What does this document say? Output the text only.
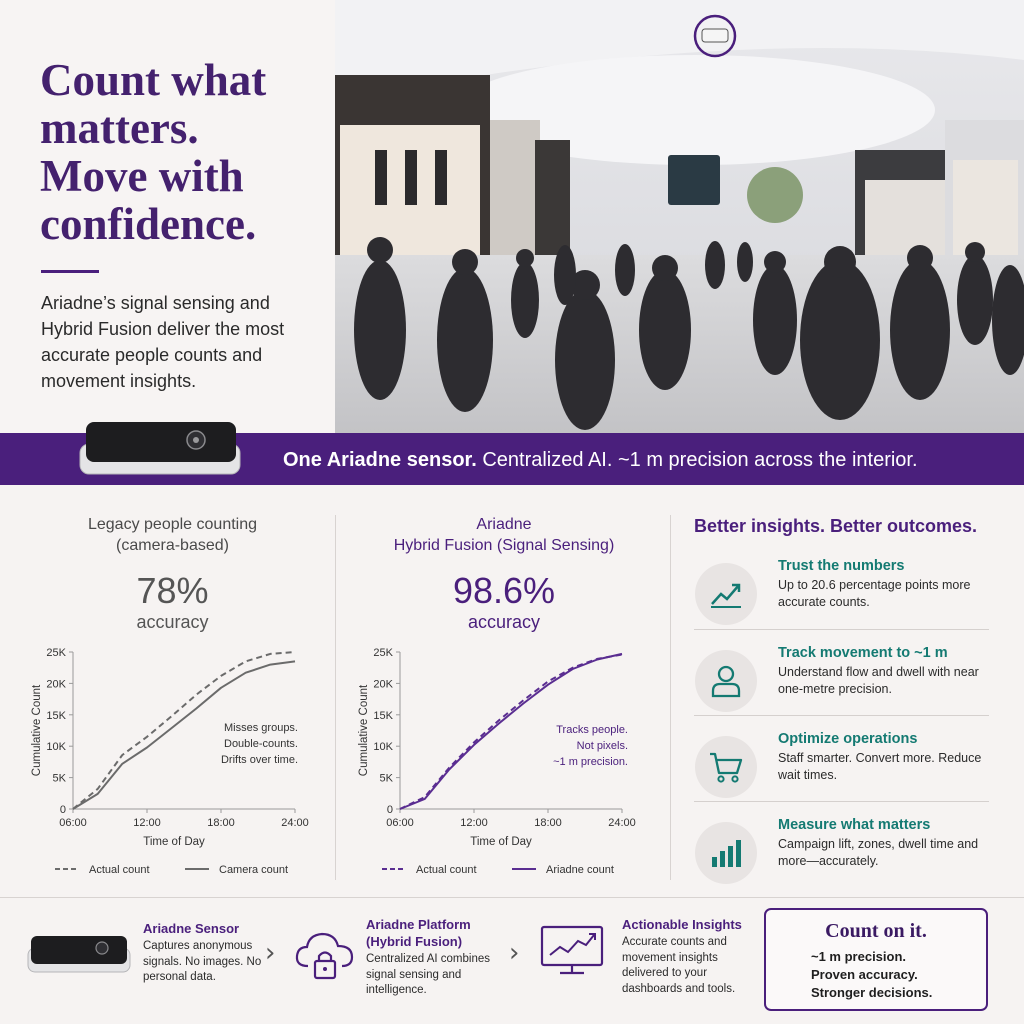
Count what
matters.
Move with
confidence.

Ariadne’s signal sensing and Hybrid Fusion deliver the most accurate people counts and movement insights.

One Ariadne sensor. Centralized AI. ~1 m precision across the interior.
Legacy people counting
(camera-based)
78%
accuracy
0
5K
10K
15K
20K
25K
06:00	12:00	18:00	24:00
Time of Day
Cumulative Count
Actual count	Camera count
Misses groups.
Double-counts.
Drifts over time.
Ariadne
Hybrid Fusion (Signal Sensing)
98.6%
accuracy
0
5K
10K
15K
20K
25K
06:00	12:00	18:00	24:00
Time of Day
Cumulative Count
Actual count	Ariadne count
Tracks people.
Not pixels.
~1 m precision.
Better insights. Better outcomes.
Trust the numbers
Up to 20.6 percentage points more accurate counts.
Track movement to ~1 m
Understand flow and dwell with near one-metre precision.
Optimize operations
Staff smarter. Convert more. Reduce wait times.
Measure what matters
Campaign lift, zones, dwell time and more—accurately.
Ariadne Sensor
Captures anonymous signals. No images. No personal data.
›
Ariadne Platform (Hybrid Fusion)
Centralized AI combines signal sensing and intelligence.
›
Actionable Insights
Accurate counts and movement insights delivered to your dashboards and tools.
Count on it.
~1 m precision.
Proven accuracy.
Stronger decisions.
